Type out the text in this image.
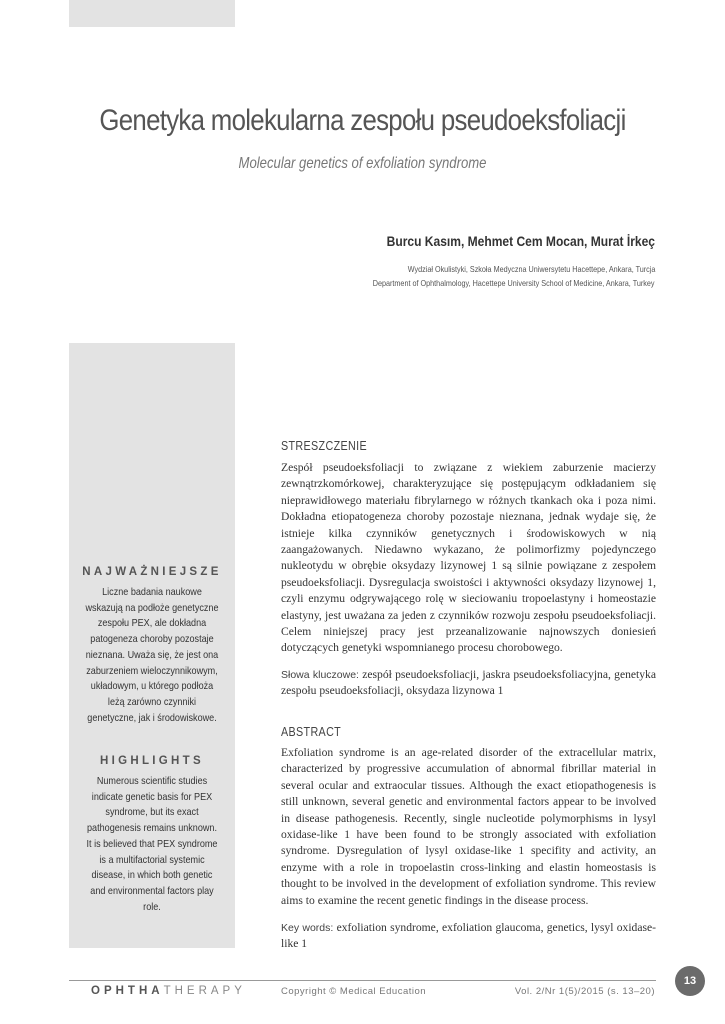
Genetyka molekularna zespołu pseudoeksfoliacji
Molecular genetics of exfoliation syndrome
Burcu Kasım, Mehmet Cem Mocan, Murat İrkeç
Wydział Okulistyki, Szkoła Medyczna Uniwersytetu Hacettepe, Ankara, Turcja
Department of Ophthalmology, Hacettepe University School of Medicine, Ankara, Turkey
NAJWAŻNIEJSZE
Liczne badania naukowe wskazują na podłoże genetyczne zespołu PEX, ale dokładna patogeneza choroby pozostaje nieznana. Uważa się, że jest ona zaburzeniem wieloczynnikowym, układowym, u którego podłoża leżą zarówno czynniki genetyczne, jak i środowiskowe.
HIGHLIGHTS
Numerous scientific studies indicate genetic basis for PEX syndrome, but its exact pathogenesis remains unknown. It is believed that PEX syndrome is a multifactorial systemic disease, in which both genetic and environmental factors play role.
STRESZCZENIE
Zespół pseudoeksfoliacji to związane z wiekiem zaburzenie macierzy zewnątrzkomórkowej, charakteryzujące się postępującym odkładaniem się nieprawidłowego materiału fibrylarnego w różnych tkankach oka i poza nimi. Dokładna etiopatogeneza choroby pozostaje nieznana, jednak wydaje się, że istnieje kilka czynników genetycznych i środowiskowych w nią zaangażowanych. Niedawno wykazano, że polimorfizmy pojedynczego nukleotydu w obrębie oksydazy lizynowej 1 są silnie powiązane z zespołem pseudoeksfoliacji. Dysregulacja swoistości i aktywności oksydazy lizynowej 1, czyli enzymu odgrywającego rolę w sieciowaniu tropoelastyny i homeostazie elastyny, jest uważana za jeden z czynników rozwoju zespołu pseudoeksfoliacji. Celem niniejszej pracy jest przeanalizowanie najnowszych doniesień dotyczących genetyki wspomnianego procesu chorobowego.
Słowa kluczowe: zespół pseudoeksfoliacji, jaskra pseudoeksfoliacyjna, genetyka zespołu pseudoeksfoliacji, oksydaza lizynowa 1
ABSTRACT
Exfoliation syndrome is an age-related disorder of the extracellular matrix, characterized by progressive accumulation of abnormal fibrillar material in several ocular and extraocular tissues. Although the exact etiopathogenesis is still unknown, several genetic and environmental factors appear to be involved in disease pathogenesis. Recently, single nucleotide polymorphisms in lysyl oxidase-like 1 have been found to be strongly associated with exfoliation syndrome. Dysregulation of lysyl oxidase-like 1 specifity and activity, an enzyme with a role in tropoelastin cross-linking and elastin homeostasis is thought to be involved in the development of exfoliation syndrome. This review aims to examine the recent genetic findings in the disease process.
Key words: exfoliation syndrome, exfoliation glaucoma, genetics, lysyl oxidase-like 1
OPHTHATHERAPY	Copyright © Medical Education	Vol. 2/Nr 1(5)/2015 (s. 13–20)
13
